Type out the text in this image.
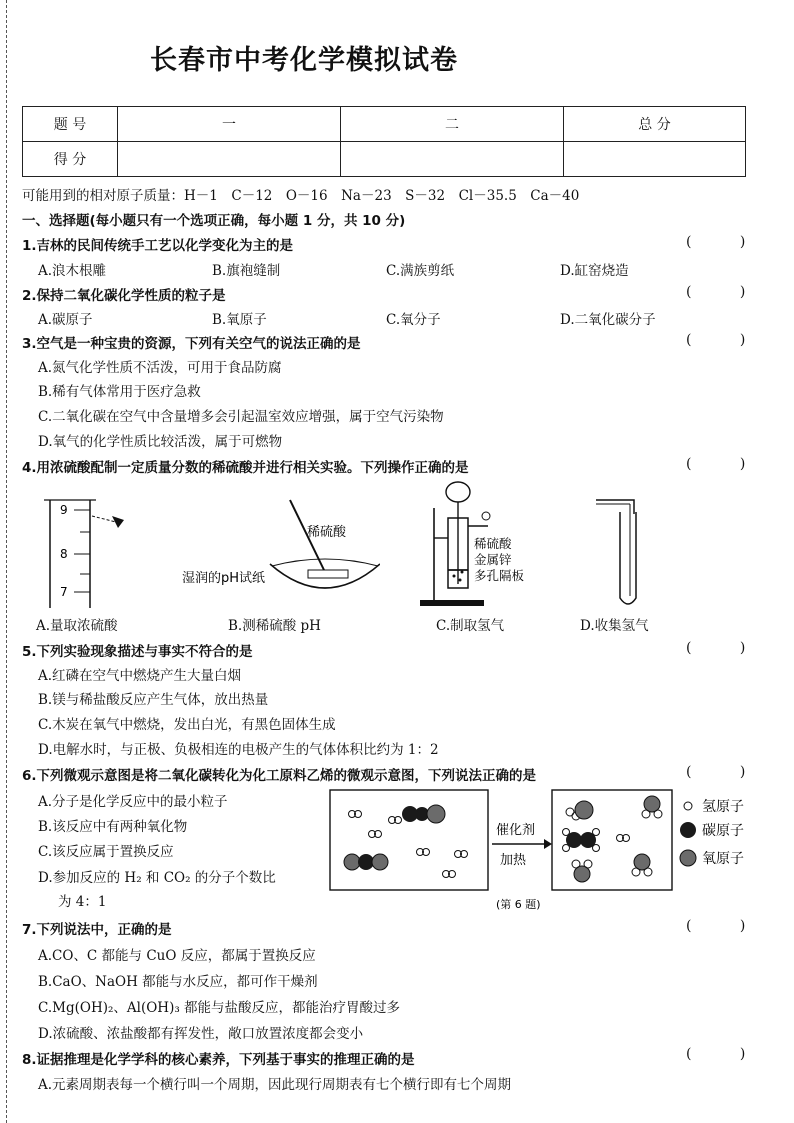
长春市中考化学模拟试卷
题 号	一	二	总 分
得 分			
可能用到的相对原子质量：H－1　C－12　O－16　Na－23　S－32　Cl－35.5　Ca－40
一、选择题(每小题只有一个选项正确，每小题 1 分，共 10 分)
1.吉林的民间传统手工艺以化学变化为主的是	( )
A.浪木根雕	B.旗袍缝制	C.满族剪纸	D.缸窑烧造
2.保持二氧化碳化学性质的粒子是	( )
A.碳原子	B.氧原子	C.氧分子	D.二氧化碳分子
3.空气是一种宝贵的资源，下列有关空气的说法正确的是	( )
A.氮气化学性质不活泼，可用于食品防腐
B.稀有气体常用于医疗急救
C.二氧化碳在空气中含量增多会引起温室效应增强，属于空气污染物
D.氧气的化学性质比较活泼，属于可燃物
4.用浓硫酸配制一定质量分数的稀硫酸并进行相关实验。下列操作正确的是	( )
9
8
7
稀硫酸
湿润的pH试纸
稀硫酸
金属锌
多孔隔板
A.量取浓硫酸	B.测稀硫酸 pH	C.制取氢气	D.收集氢气
5.下列实验现象描述与事实不符合的是	( )
A.红磷在空气中燃烧产生大量白烟
B.镁与稀盐酸反应产生气体，放出热量
C.木炭在氧气中燃烧，发出白光，有黑色固体生成
D.电解水时，与正极、负极相连的电极产生的气体体积比约为 1：2
6.下列微观示意图是将二氧化碳转化为化工原料乙烯的微观示意图，下列说法正确的是	( )
A.分子是化学反应中的最小粒子
B.该反应中有两种氧化物
C.该反应属于置换反应
D.参加反应的 H₂ 和 CO₂ 的分子个数比
为 4：1
催化剂
加热
氢原子
碳原子
氧原子
(第 6 题)
7.下列说法中，正确的是	( )
A.CO、C 都能与 CuO 反应，都属于置换反应
B.CaO、NaOH 都能与水反应，都可作干燥剂
C.Mg(OH)₂、Al(OH)₃ 都能与盐酸反应，都能治疗胃酸过多
D.浓硫酸、浓盐酸都有挥发性，敞口放置浓度都会变小
8.证据推理是化学学科的核心素养，下列基于事实的推理正确的是	( )
A.元素周期表每一个横行叫一个周期，因此现行周期表有七个横行即有七个周期
